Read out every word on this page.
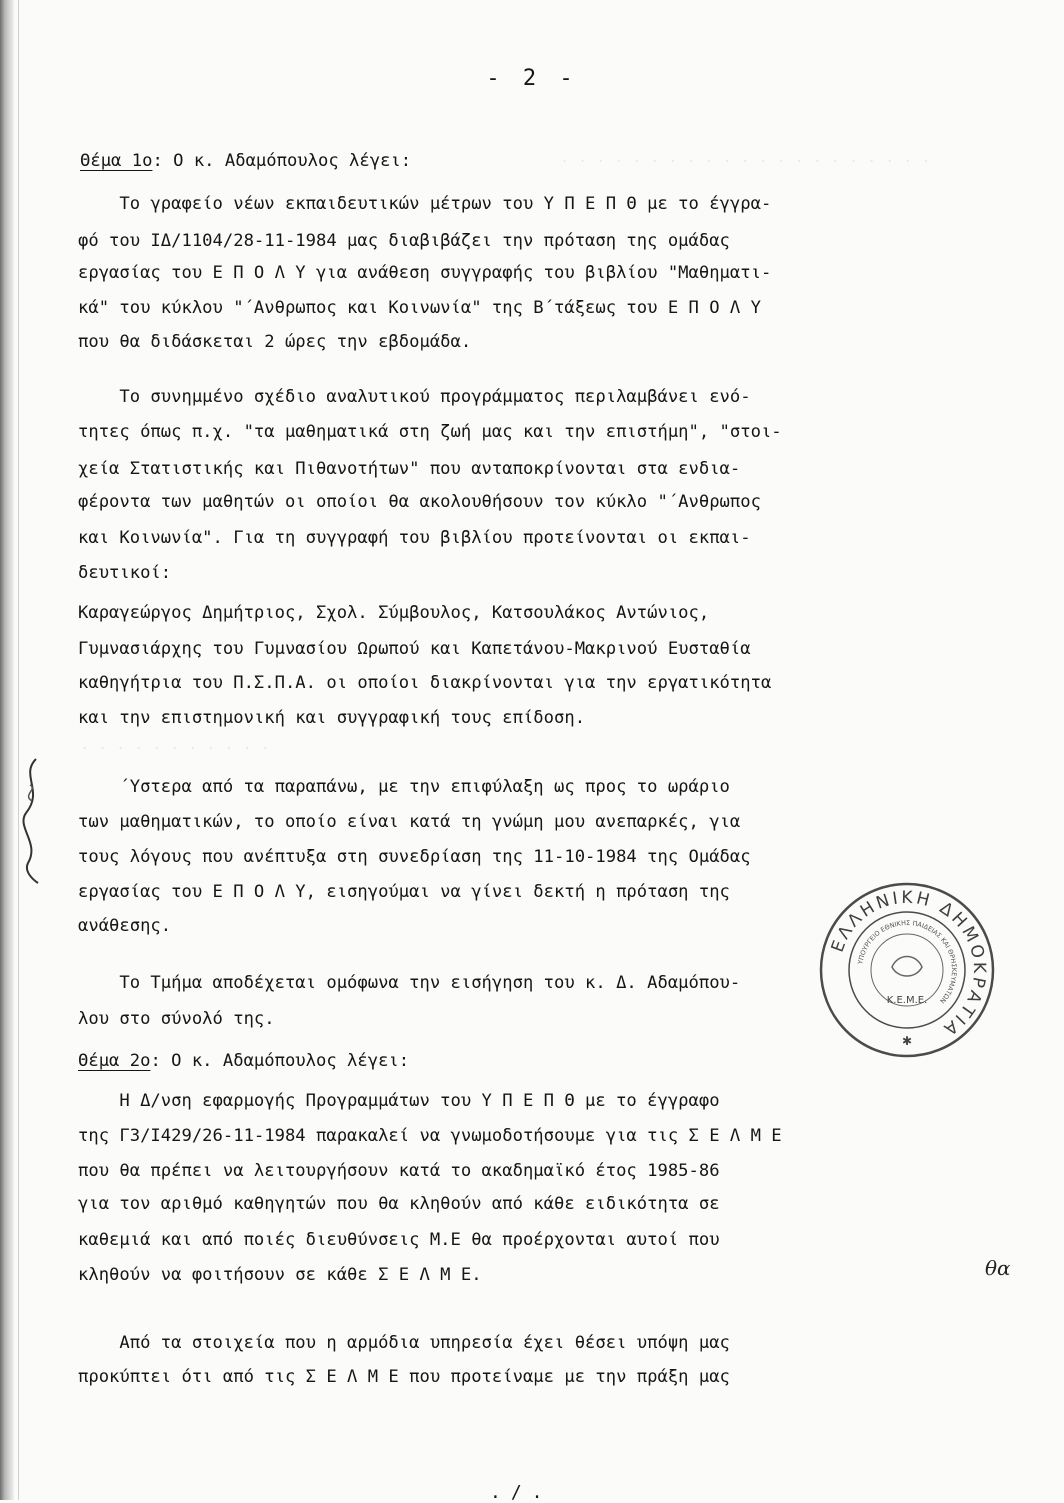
. . . . . . . . . . . . . . . . . . . . .
. . . . . . . . . . .
- 2 -
Θέμα 1ο: Ο κ. Αδαμόπουλος λέγει:
Το γραφείο νέων εκπαιδευτικών μέτρων του Υ Π Ε Π Θ με το έγγρα-
φό του ΙΔ/1104/28-11-1984 μας διαβιβάζει την πρόταση της ομάδας
εργασίας του Ε Π Ο Λ Υ για ανάθεση συγγραφής του βιβλίου "Μαθηματι-
κά" του κύκλου "΄Ανθρωπος και Κοινωνία" της Β΄τάξεως του Ε Π Ο Λ Υ
που θα διδάσκεται 2 ώρες την εβδομάδα.
Το συνημμένο σχέδιο αναλυτικού προγράμματος περιλαμβάνει ενό-
τητες όπως π.χ. "τα μαθηματικά στη ζωή μας και την επιστήμη", "στοι-
χεία Στατιστικής και Πιθανοτήτων" που ανταποκρίνονται στα ενδια-
φέροντα των μαθητών οι οποίοι θα ακολουθήσουν τον κύκλο "΄Ανθρωπος
και Κοινωνία". Για τη συγγραφή του βιβλίου προτείνονται οι εκπαι-
δευτικοί:
Καραγεώργος Δημήτριος, Σχολ. Σύμβουλος, Κατσουλάκος Αντώνιος,
Γυμνασιάρχης του Γυμνασίου Ωρωπού και Καπετάνου-Μακρινού Ευσταθία
καθηγήτρια του Π.Σ.Π.Α. οι οποίοι διακρίνονται για την εργατικότητα
και την επιστημονική και συγγραφική τους επίδοση.
΄Υστερα από τα παραπάνω, με την επιφύλαξη ως προς το ωράριο
των μαθηματικών, το οποίο είναι κατά τη γνώμη μου ανεπαρκές, για
τους λόγους που ανέπτυξα στη συνεδρίαση της 11-10-1984 της Ομάδας
εργασίας του Ε Π Ο Λ Υ, εισηγούμαι να γίνει δεκτή η πρόταση της
ανάθεσης.
Το Τμήμα αποδέχεται ομόφωνα την εισήγηση του κ. Δ. Αδαμόπου-
λου στο σύνολό της.
Θέμα 2ο: Ο κ. Αδαμόπουλος λέγει:
Η Δ/νση εφαρμογής Προγραμμάτων του Υ Π Ε Π Θ με το έγγραφο
της Γ3/Ι429/26-11-1984 παρακαλεί να γνωμοδοτήσουμε για τις Σ Ε Λ Μ Ε
που θα πρέπει να λειτουργήσουν κατά το ακαδημαϊκό έτος 1985-86
για τον αριθμό καθηγητών που θα κληθούν από κάθε ειδικότητα σε
καθεμιά και από ποιές διευθύνσεις Μ.Ε θα προέρχονται αυτοί που
κληθούν να φοιτήσουν σε κάθε Σ Ε Λ Μ Ε.
Από τα στοιχεία που η αρμόδια υπηρεσία έχει θέσει υπόψη μας
προκύπτει ότι από τις Σ Ε Λ Μ Ε που προτείναμε με την πράξη μας
θα
ΕΛΛΗΝΙΚΗ ΔΗΜΟΚΡΑΤΙΑ
ΥΠΟΥΡΓΕΙΟ ΕΘΝΙΚΗΣ ΠΑΙΔΕΙΑΣ ΚΑΙ ΘΡΗΣΚΕΥΜΑΤΩΝ
Κ.Ε.Μ.Ε.
✱
./.
